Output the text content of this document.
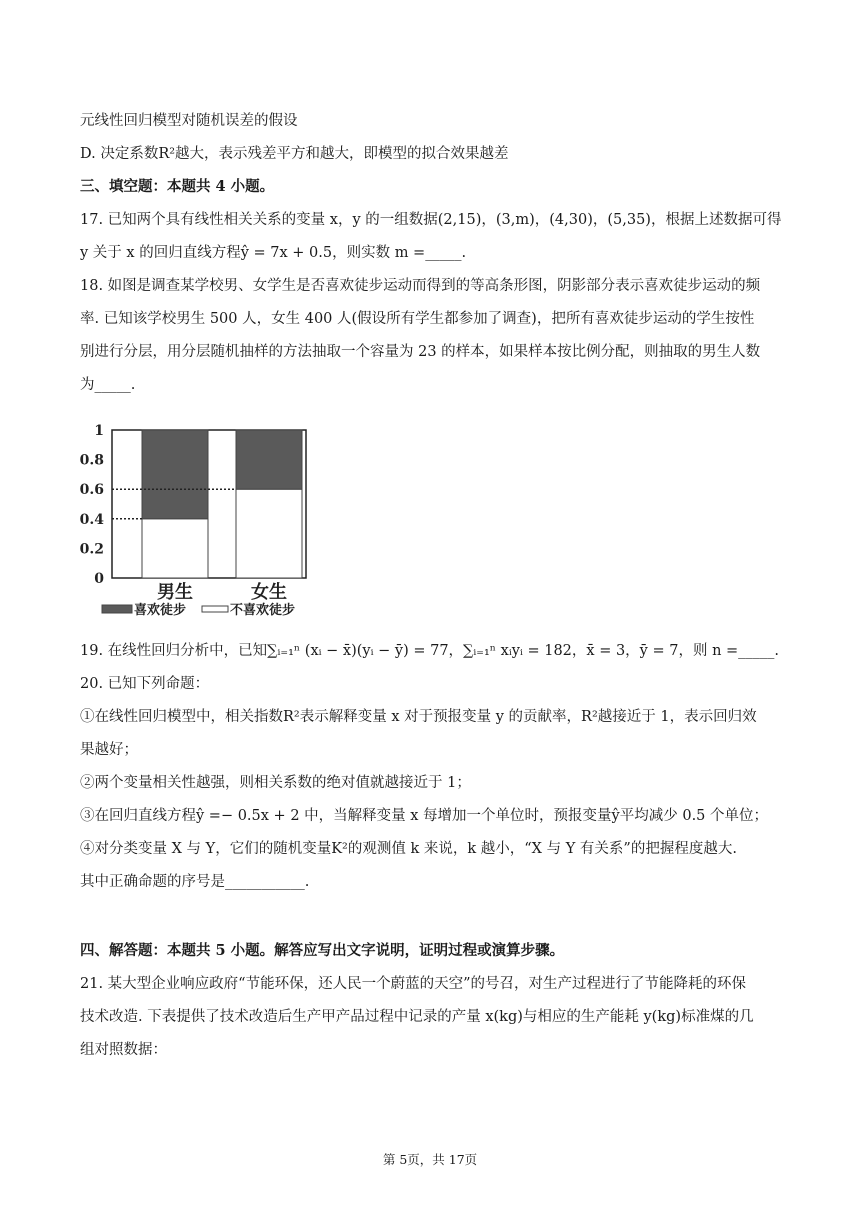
元线性回归模型对随机误差的假设
D. 决定系数R²越大，表示残差平方和越大，即模型的拟合效果越差
三、填空题：本题共 4 小题。
17. 已知两个具有线性相关关系的变量 x，y 的一组数据(2,15)，(3,m)，(4,30)，(5,35)，根据上述数据可得
y 关于 x 的回归直线方程ŷ = 7x + 0.5，则实数 m =_____.
18. 如图是调查某学校男、女学生是否喜欢徒步运动而得到的等高条形图，阴影部分表示喜欢徒步运动的频
率. 已知该学校男生 500 人，女生 400 人(假设所有学生都参加了调查)，把所有喜欢徒步运动的学生按性
别进行分层，用分层随机抽样的方法抽取一个容量为 23 的样本，如果样本按比例分配，则抽取的男生人数
为_____.
0
0.2
0.4
0.6
0.8
1
男生	女生
喜欢徒步	不喜欢徒步
19. 在线性回归分析中，已知∑ᵢ₌₁ⁿ (xᵢ − x̄)(yᵢ − ȳ) = 77，∑ᵢ₌₁ⁿ xᵢyᵢ = 182，x̄ = 3，ȳ = 7，则 n =_____.
20. 已知下列命题：
①在线性回归模型中，相关指数R²表示解释变量 x 对于预报变量 y 的贡献率，R²越接近于 1，表示回归效
果越好；
②两个变量相关性越强，则相关系数的绝对值就越接近于 1；
③在回归直线方程ŷ =− 0.5x + 2 中，当解释变量 x 每增加一个单位时，预报变量ŷ平均减少 0.5 个单位；
④对分类变量 X 与 Y，它们的随机变量K²的观测值 k 来说，k 越小，“X 与 Y 有关系”的把握程度越大.
其中正确命题的序号是___________.
四、解答题：本题共 5 小题。解答应写出文字说明，证明过程或演算步骤。
21. 某大型企业响应政府“节能环保，还人民一个蔚蓝的天空”的号召，对生产过程进行了节能降耗的环保
技术改造. 下表提供了技术改造后生产甲产品过程中记录的产量 x(kg)与相应的生产能耗 y(kg)标准煤的几
组对照数据：
第 5页，共 17页
